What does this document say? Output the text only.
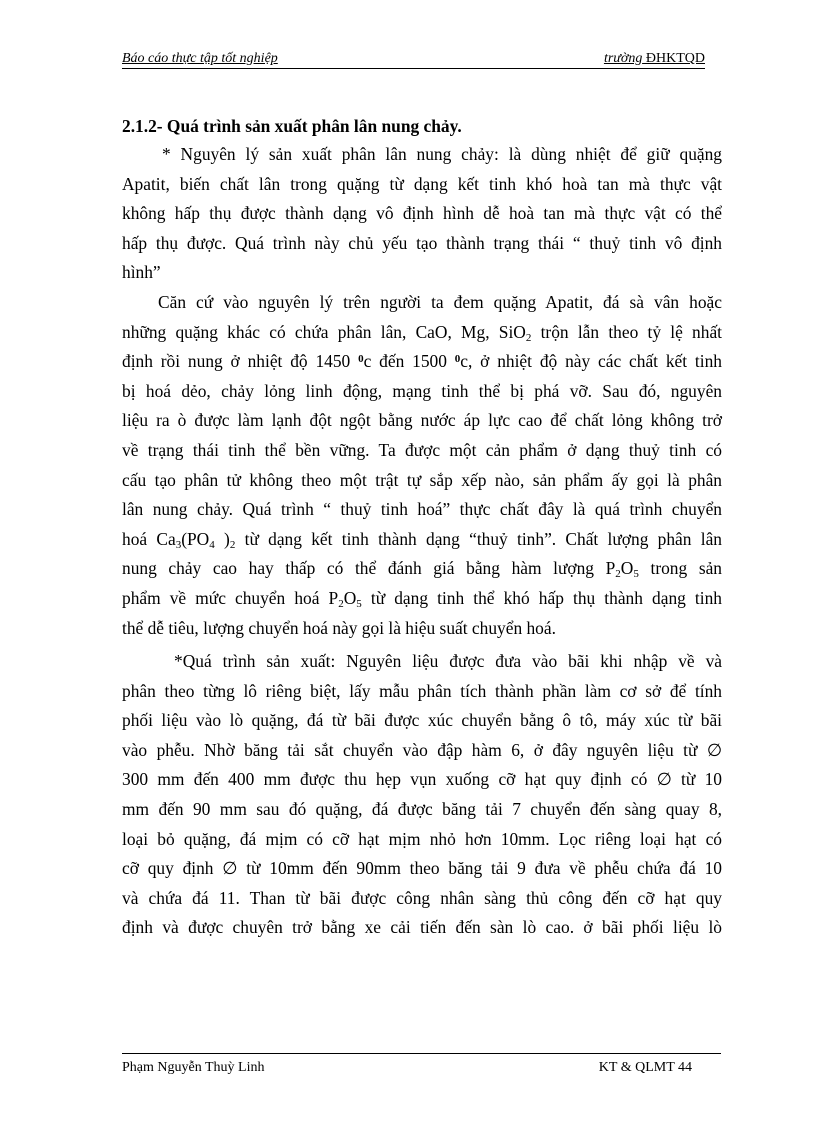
Báo cáo thực tập tốt nghiệp	trường ĐHKTQD
2.1.2- Quá trình sản xuất phân lân nung chảy.
* Nguyên lý sản xuất phân lân nung chảy: là dùng nhiệt để giữ quặng
Apatit, biến chất lân trong quặng từ dạng kết tinh khó hoà tan mà thực vật
không hấp thụ được thành dạng vô định hình dễ hoà tan mà thực vật có thể
hấp thụ được. Quá trình này chủ yếu tạo thành trạng thái “ thuỷ tinh vô định
hình”
Căn cứ vào nguyên lý trên người ta đem quặng Apatit, đá sà vân hoặc
những quặng khác có chứa phân lân, CaO, Mg, SiO$_2$ trộn lẫn theo tỷ lệ nhất
định rồi nung ở nhiệt độ 1450 $^0$c đến 1500 $^0$c, ở nhiệt độ này các chất kết tinh
bị hoá dẻo, chảy lỏng linh động, mạng tinh thể bị phá vỡ. Sau đó, nguyên
liệu ra ò được làm lạnh đột ngột bằng nước áp lực cao để chất lỏng không trở
về trạng thái tinh thể bền vững. Ta được một cản phẩm ở dạng thuỷ tinh có
cấu tạo phân tử không theo một trật tự sắp xếp nào, sản phẩm ấy gọi là phân
lân nung chảy. Quá trình “ thuỷ tinh hoá” thực chất đây là quá trình chuyển
hoá $Ca_3(PO_4$ )$_2$ từ dạng kết tinh thành dạng “thuỷ tinh”. Chất lượng phân lân
nung chảy cao hay thấp có thể đánh giá bằng hàm lượng $P_2O_5$ trong sản
phẩm về mức chuyển hoá $P_2O_5$ từ dạng tinh thể khó hấp thụ thành dạng tinh
thể dễ tiêu, lượng chuyển hoá này gọi là hiệu suất chuyển hoá.
*Quá trình sản xuất: Nguyên liệu được đưa vào bãi khi nhập về và
phân theo từng lô riêng biệt, lấy mẫu phân tích thành phần làm cơ sở để tính
phối liệu vào lò quặng, đá từ bãi được xúc chuyển bằng ô tô, máy xúc từ bãi
vào phễu. Nhờ băng tải sắt chuyển vào đập hàm 6, ở đây nguyên liệu từ ∅
300 mm đến 400 mm được thu hẹp vụn xuống cỡ hạt quy định có ∅ từ 10
mm đến 90 mm sau đó quặng, đá được băng tải 7 chuyển đến sàng quay 8,
loại bỏ quặng, đá mịm có cỡ hạt mịm nhỏ hơn 10mm. Lọc riêng loại hạt có
cỡ quy định ∅ từ 10mm đến 90mm theo băng tải 9 đưa về phễu chứa đá 10
và chứa đá 11. Than từ bãi được công nhân sàng thủ công đến cỡ hạt quy
định và được chuyên trở bằng xe cải tiến đến sàn lò cao. ở bãi phối liệu lò
Phạm Nguyễn Thuỳ Linh	KT & QLMT 44
